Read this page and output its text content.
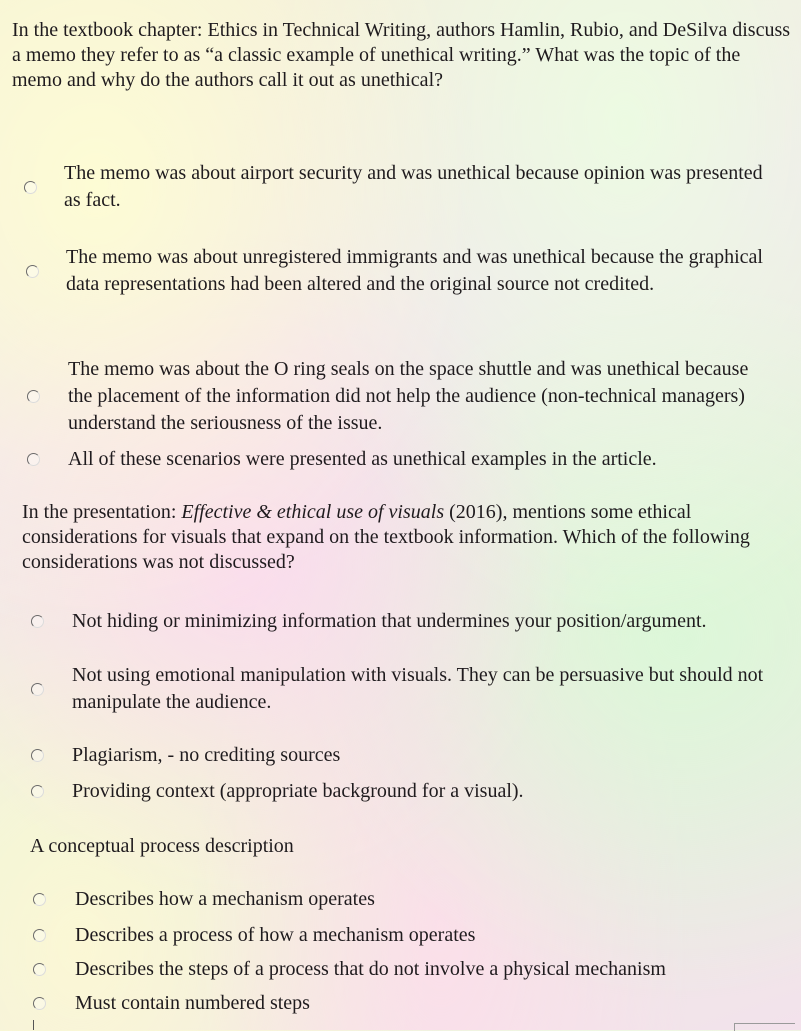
In the textbook chapter: Ethics in Technical Writing, authors Hamlin, Rubio, and DeSilva discuss a memo they refer to as “a classic example of unethical writing.” What was the topic of the memo and why do the authors call it out as unethical?
The memo was about airport security and was unethical because opinion was presented as fact.
The memo was about unregistered immigrants and was unethical because the graphical data representations had been altered and the original source not credited.
The memo was about the O ring seals on the space shuttle and was unethical because the placement of the information did not help the audience (non-technical managers) understand the seriousness of the issue.
All of these scenarios were presented as unethical examples in the article.
In the presentation: Effective & ethical use of visuals (2016), mentions some ethical considerations for visuals that expand on the textbook information. Which of the following considerations was not discussed?
Not hiding or minimizing information that undermines your position/argument.
Not using emotional manipulation with visuals. They can be persuasive but should not manipulate the audience.
Plagiarism, - no crediting sources
Providing context (appropriate background for a visual).
A conceptual process description
Describes how a mechanism operates
Describes a process of how a mechanism operates
Describes the steps of a process that do not involve a physical mechanism
Must contain numbered steps
